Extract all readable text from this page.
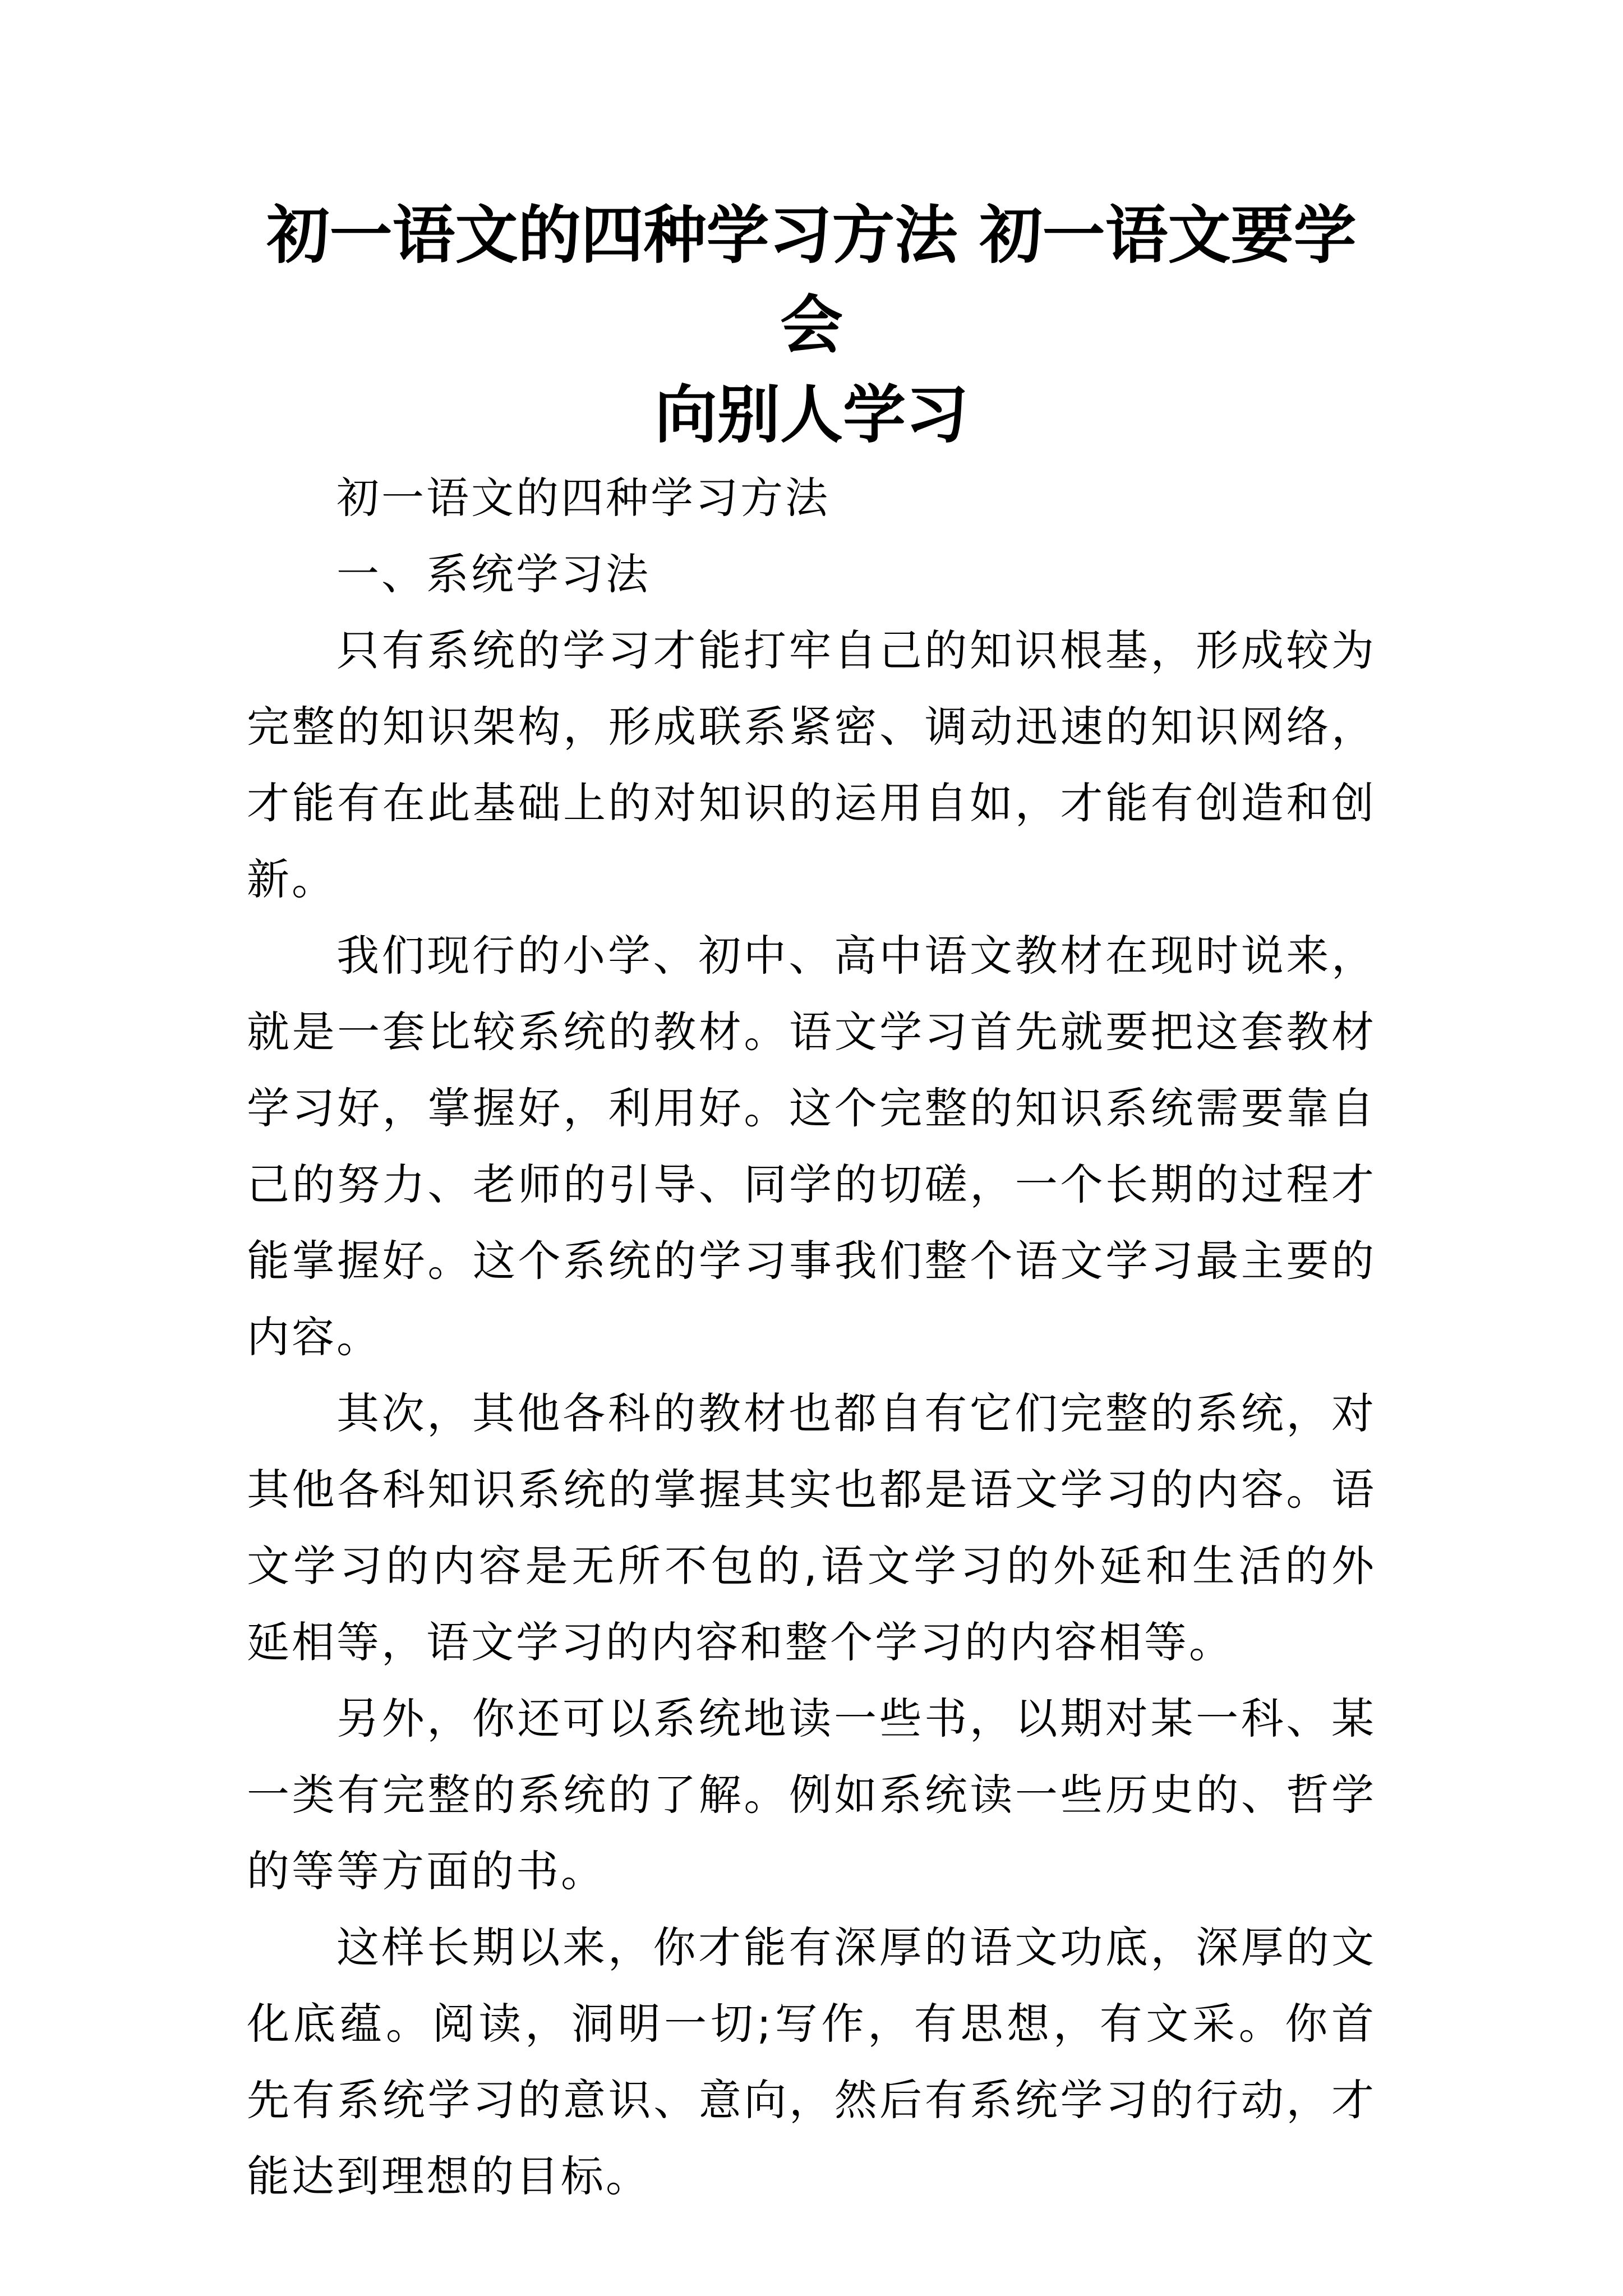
初一语文的四种学习方法 初一语文要学会
向别人学习

初一语文的四种学习方法

一、系统学习法

只有系统的学习才能打牢自己的知识根基，形成较为完整的知识架构，形成联系紧密、调动迅速的知识网络，才能有在此基础上的对知识的运用自如，才能有创造和创新。

我们现行的小学、初中、高中语文教材在现时说来，就是一套比较系统的教材。语文学习首先就要把这套教材学习好，掌握好，利用好。这个完整的知识系统需要靠自己的努力、老师的引导、同学的切磋，一个长期的过程才能掌握好。这个系统的学习事我们整个语文学习最主要的内容。

其次，其他各科的教材也都自有它们完整的系统，对其他各科知识系统的掌握其实也都是语文学习的内容。语文学习的内容是无所不包的,语文学习的外延和生活的外延相等，语文学习的内容和整个学习的内容相等。

另外，你还可以系统地读一些书，以期对某一科、某一类有完整的系统的了解。例如系统读一些历史的、哲学的等等方面的书。

这样长期以来，你才能有深厚的语文功底，深厚的文化底蕴。阅读，洞明一切;写作，有思想，有文采。你首先有系统学习的意识、意向，然后有系统学习的行动，才能达到理想的目标。
